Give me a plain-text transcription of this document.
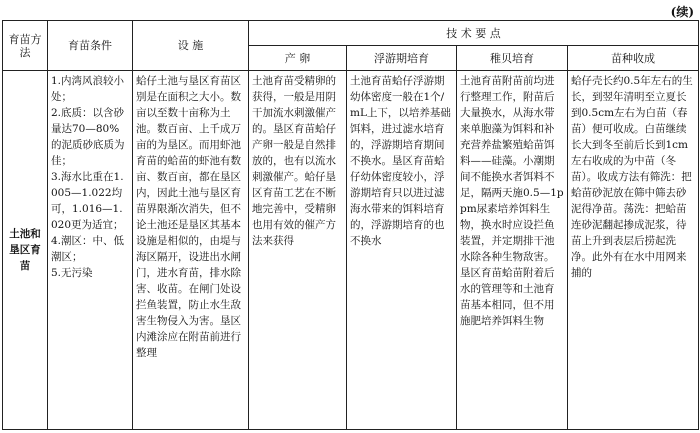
(续)
育苗方法	育苗条件	设 施	技 术 要 点			
			产 卵	浮游期培育	稚贝培育	苗种收成
土池和垦区育苗	1.内湾风浪较小处；
2.底质：以含砂量达70—80%的泥质砂底质为佳；
3.海水比重在1.005—1.022均可，1.016—1.020更为适宜；
4.潮区：中、低潮区；
5.无污染	蛤仔土池与垦区育苗区别是在面积之大小。数亩以至数十亩称为土池。数百亩、上千成万亩的为垦区。而用虾池育苗的蛤苗的虾池有数亩、数百亩，都在垦区内，因此土池与垦区育苗界限渐次消失，但不论土池还是垦区其基本设施是相似的，由堤与海区隔开，设进出水闸门，进水育苗，排水除害、收苗。在闸门处设拦鱼装置，防止水生敌害生物侵入为害。垦区内滩涂应在附苗前进行整理	土池育苗受精卵的获得，一般是用阴干加流水刺激催产的。垦区育苗蛤仔产卵一般是自然排放的，也有以流水刺激催产。蛤仔垦区育苗工艺在不断地完善中，受精卵也用有效的催产方法来获得	土池育苗蛤仔浮游期幼体密度一般在1个/mL上下，以培养基础饵料，进过滤水培育的，浮游期培育期间不换水。垦区育苗蛤仔幼体密度较小，浮游期培育只以进过滤海水带来的饵料培育的，浮游期培育的也不换水	土池育苗附苗前均进行整理工作，附苗后大量换水，从海水带来单胞藻为饵料和补充营养盐繁殖蛤苗饵料——硅藻。小潮期间不能换水者饵料不足，隔两天施0.5—1ppm尿素培养饵料生物，换水时应设拦鱼装置，并定期排干池水除各种生物敌害。垦区育苗蛤苗附着后水的管理等和土池育苗基本相同，但不用施肥培养饵料生物	蛤仔壳长约0.5年左右的生长，到翌年清明至立夏长到0.5cm左右为白苗（春苗）便可收成。白苗继续长大到冬至前后长到1cm左右收成的为中苗（冬苗）。收成方法有筛洗：把蛤苗砂泥放在筛中筛去砂泥得净苗。荡洗：把蛤苗连砂泥翻起掺成泥浆，待苗上升到表层后捞起洗净。此外有在水中用网来捕的
